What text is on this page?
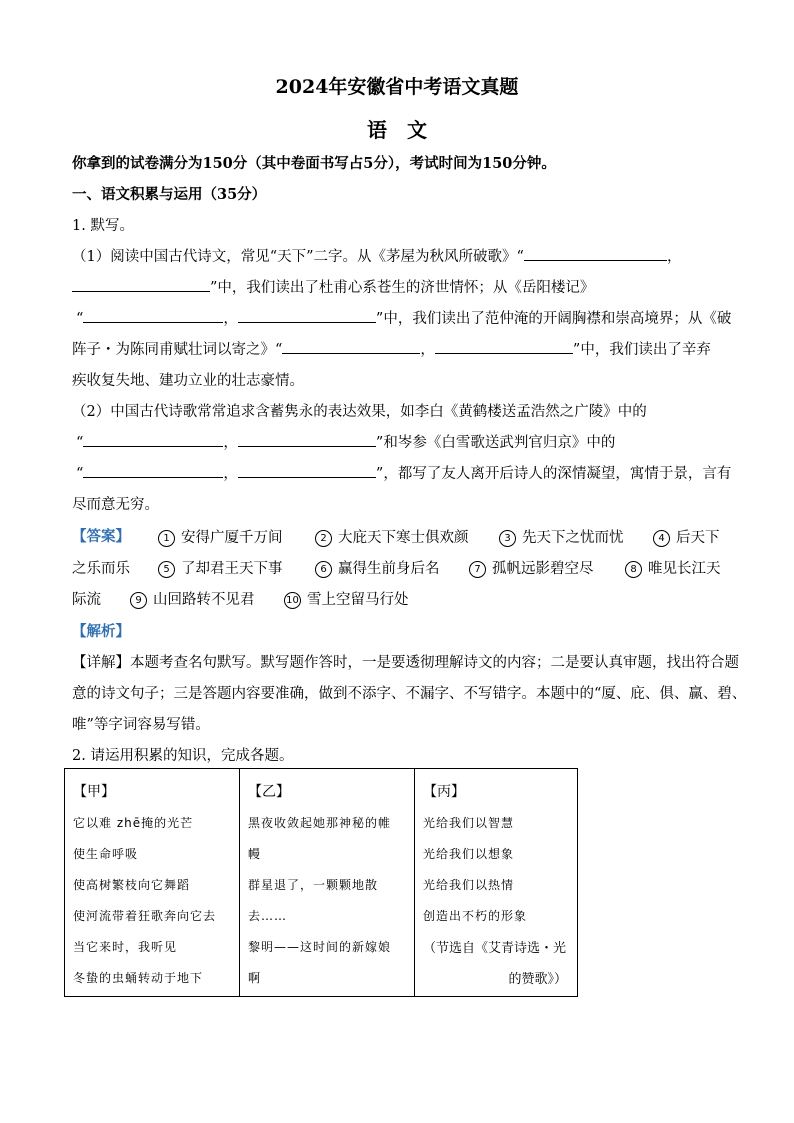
2024年安徽省中考语文真题
语　文
你拿到的试卷满分为150分（其中卷面书写占5分），考试时间为150分钟。
一、语文积累与运用（35分）
1. 默写。
（1）阅读中国古代诗文，常见“天下”二字。从《茅屋为秋风所破歌》“	，
”中，我们读出了杜甫心系苍生的济世情怀；从《岳阳楼记》
“	，	”中，我们读出了范仲淹的开阔胸襟和崇高境界；从《破
阵子・为陈同甫赋壮词以寄之》“	，	”中，我们读出了辛弃
疾收复失地、建功立业的壮志豪情。
（2）中国古代诗歌常常追求含蓄隽永的表达效果，如李白《黄鹤楼送孟浩然之广陵》中的
“	，	”和岑参《白雪歌送武判官归京》中的
“	，	”，都写了友人离开后诗人的深情凝望，寓情于景，言有
尽而意无穷。
【答案】	1 安得广厦千万间	2 大庇天下寒士俱欢颜	3 先天下之忧而忧	4 后天下
之乐而乐	5 了却君王天下事	6 赢得生前身后名	7 孤帆远影碧空尽	8 唯见长江天
际流	9 山回路转不见君	10 雪上空留马行处
【解析】
【详解】本题考查名句默写。默写题作答时，一是要透彻理解诗文的内容；二是要认真审题，找出符合题
意的诗文句子；三是答题内容要准确，做到不添字、不漏字、不写错字。本题中的“厦、庇、俱、赢、碧、
唯”等字词容易写错。
2. 请运用积累的知识，完成各题。
【甲】
它以难 zhē掩的光芒
使生命呼吸
使高树繁枝向它舞蹈
使河流带着狂歌奔向它去
当它来时，我听见
冬蛰的虫蛹转动于地下

【乙】
黑夜收敛起她那神秘的帷
幔
群星退了，一颗颗地散
去……
黎明——这时间的新嫁娘
啊

【丙】
光给我们以智慧
光给我们以想象
光给我们以热情
创造出不朽的形象
（节选自《艾青诗选・光
的赞歌》）
